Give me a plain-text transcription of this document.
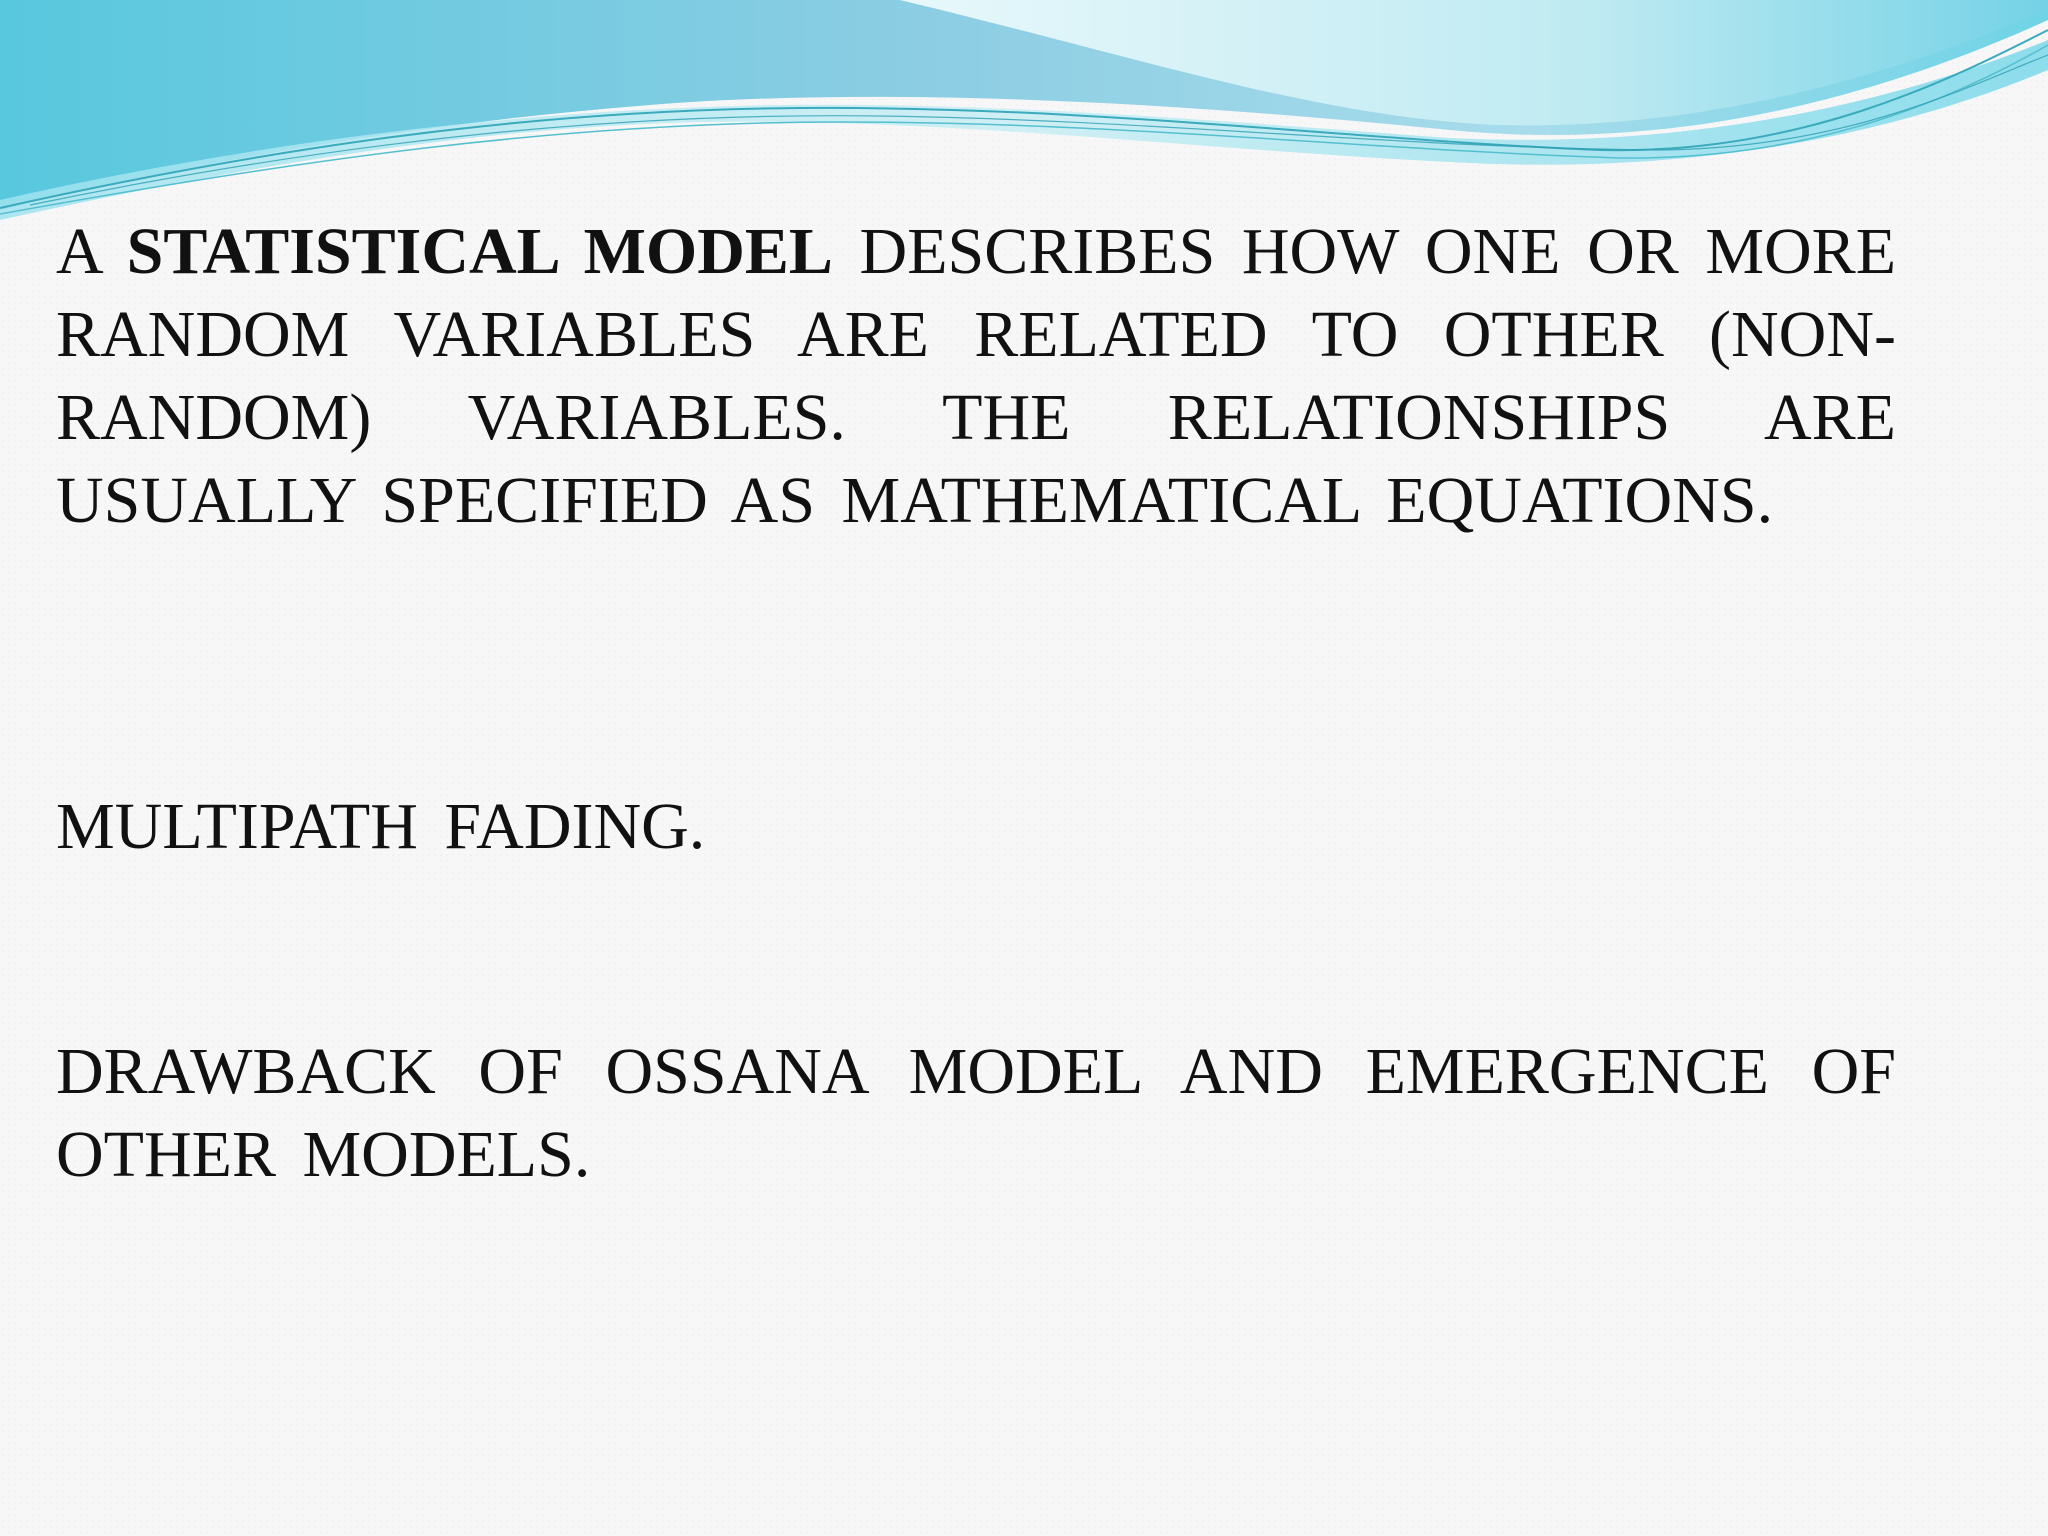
A STATISTICAL MODEL DESCRIBES HOW ONE OR MORE RANDOM VARIABLES ARE RELATED TO OTHER (NON-RANDOM) VARIABLES. THE RELATIONSHIPS ARE USUALLY SPECIFIED AS MATHEMATICAL EQUATIONS.

MULTIPATH FADING.

DRAWBACK OF OSSANA MODEL AND EMERGENCE OF OTHER MODELS.
